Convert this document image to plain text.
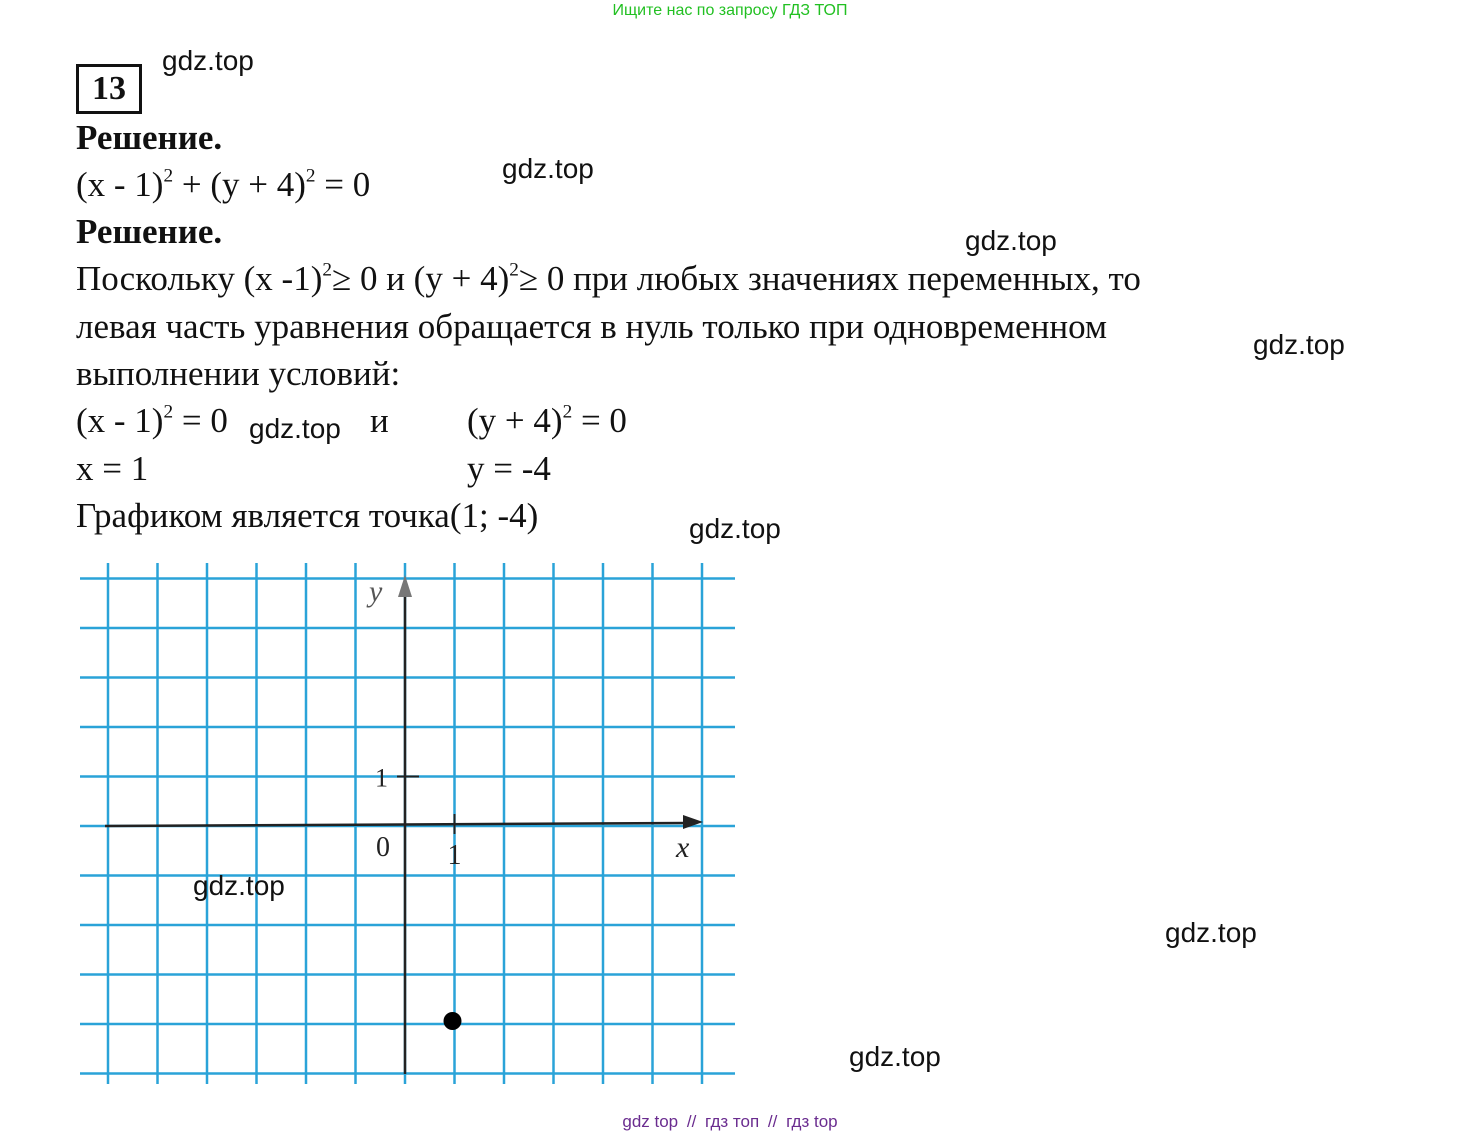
Ищите нас по запросу ГДЗ ТОП
13
Решение.
$(x - 1)^2 + (y + 4)^2 = 0$
Решение.
Поскольку (x -1)$^2$≥ 0 и $(y + 4)^2\ge 0$ при любых значениях переменных, то
левая часть уравнения обращается в нуль только при одновременном
выполнении условий:
(x - 1)$^2$ = 0	и $(y + 4)^2 = 0$
x = 1	y = -4
Графиком является точка(1; -4)
x
y
0 1
1
gdz.top
gdz.top
gdz.top
gdz.top
gdz.top
gdz.top
gdz.top
gdz.top
gdz.top
gdz top // гдз топ // гдз top
